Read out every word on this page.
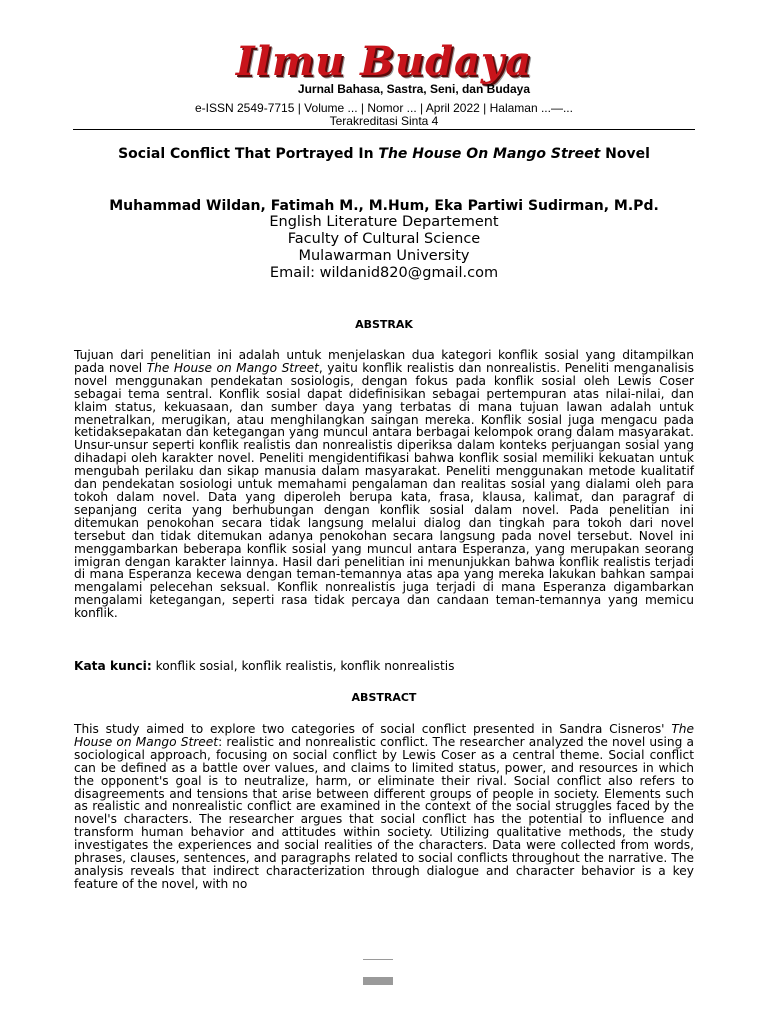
Ilmu Budaya
Jurnal Bahasa, Sastra, Seni, dan Budaya
e-ISSN 2549-7715 | Volume ... | Nomor ... | April 2022 | Halaman ...—...
Terakreditasi Sinta 4
Social Conflict That Portrayed In The House On Mango Street Novel
Muhammad Wildan, Fatimah M., M.Hum, Eka Partiwi Sudirman, M.Pd.
English Literature Departement
Faculty of Cultural Science
Mulawarman University
Email: wildanid820@gmail.com
ABSTRAK
Tujuan dari penelitian ini adalah untuk menjelaskan dua kategori konflik sosial yang ditampilkan pada novel The House on Mango Street, yaitu konflik realistis dan nonrealistis. Peneliti menganalisis novel menggunakan pendekatan sosiologis, dengan fokus pada konflik sosial oleh Lewis Coser sebagai tema sentral. Konflik sosial dapat didefinisikan sebagai pertempuran atas nilai-nilai, dan klaim status, kekuasaan, dan sumber daya yang terbatas di mana tujuan lawan adalah untuk menetralkan, merugikan, atau menghilangkan saingan mereka. Konflik sosial juga mengacu pada ketidaksepakatan dan ketegangan yang muncul antara berbagai kelompok orang dalam masyarakat. Unsur-unsur seperti konflik realistis dan nonrealistis diperiksa dalam konteks perjuangan sosial yang dihadapi oleh karakter novel. Peneliti mengidentifikasi bahwa konflik sosial memiliki kekuatan untuk mengubah perilaku dan sikap manusia dalam masyarakat. Peneliti menggunakan metode kualitatif dan pendekatan sosiologi untuk memahami pengalaman dan realitas sosial yang dialami oleh para tokoh dalam novel. Data yang diperoleh berupa kata, frasa, klausa, kalimat, dan paragraf di sepanjang cerita yang berhubungan dengan konflik sosial dalam novel. Pada penelitian ini ditemukan penokohan secara tidak langsung melalui dialog dan tingkah para tokoh dari novel tersebut dan tidak ditemukan adanya penokohan secara langsung pada novel tersebut. Novel ini menggambarkan beberapa konflik sosial yang muncul antara Esperanza, yang merupakan seorang imigran dengan karakter lainnya. Hasil dari penelitian ini menunjukkan bahwa konflik realistis terjadi di mana Esperanza kecewa dengan teman-temannya atas apa yang mereka lakukan bahkan sampai mengalami pelecehan seksual. Konflik nonrealistis juga terjadi di mana Esperanza digambarkan mengalami ketegangan, seperti rasa tidak percaya dan candaan teman-temannya yang memicu konflik.
Kata kunci: konflik sosial, konflik realistis, konflik nonrealistis
ABSTRACT
This study aimed to explore two categories of social conflict presented in Sandra Cisneros' The House on Mango Street: realistic and nonrealistic conflict. The researcher analyzed the novel using a sociological approach, focusing on social conflict by Lewis Coser as a central theme. Social conflict can be defined as a battle over values, and claims to limited status, power, and resources in which the opponent's goal is to neutralize, harm, or eliminate their rival. Social conflict also refers to disagreements and tensions that arise between different groups of people in society. Elements such as realistic and nonrealistic conflict are examined in the context of the social struggles faced by the novel's characters. The researcher argues that social conflict has the potential to influence and transform human behavior and attitudes within society. Utilizing qualitative methods, the study investigates the experiences and social realities of the characters. Data were collected from words, phrases, clauses, sentences, and paragraphs related to social conflicts throughout the narrative. The analysis reveals that indirect characterization through dialogue and character behavior is a key feature of the novel, with no
